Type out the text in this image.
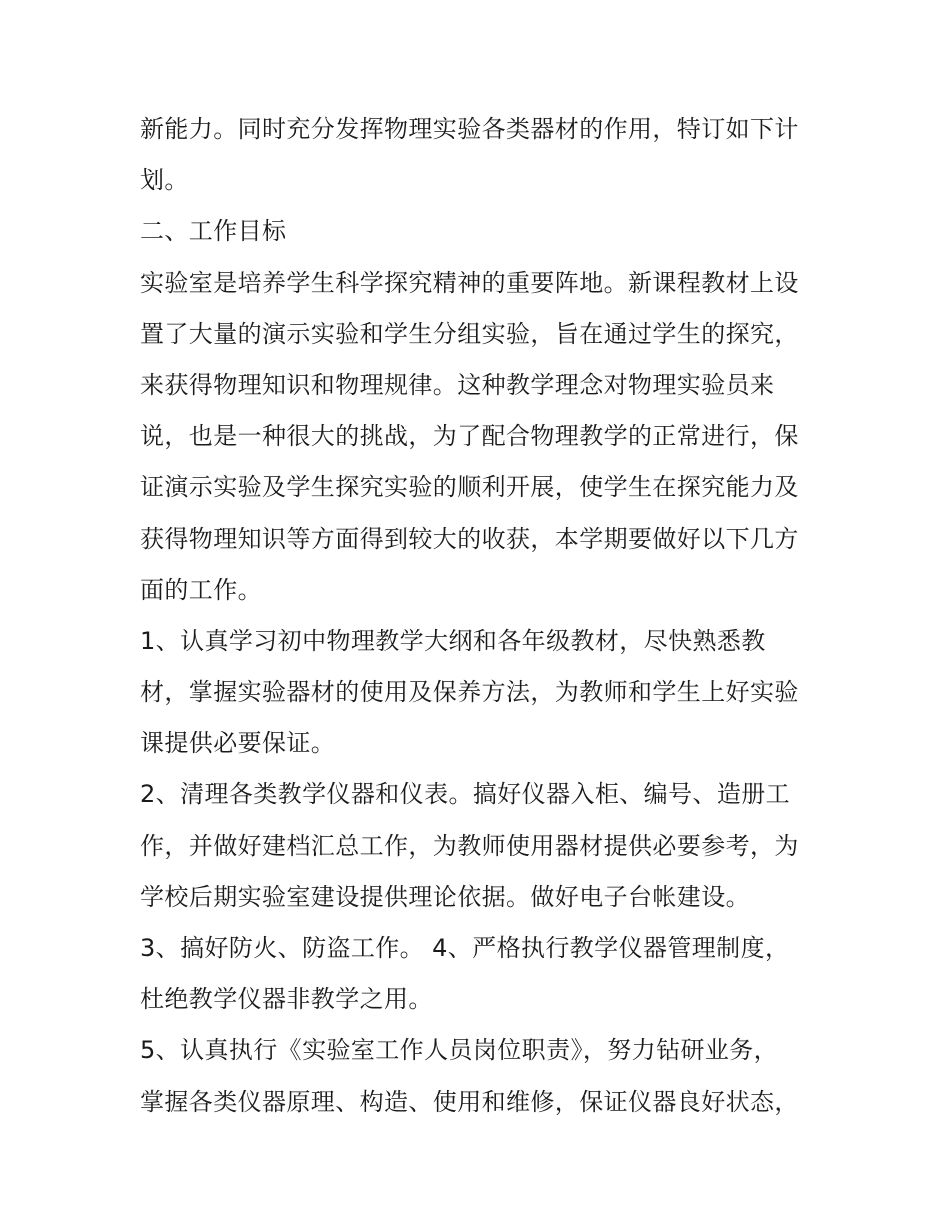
新能力。同时充分发挥物理实验各类器材的作用，特订如下计
划。
二、工作目标
实验室是培养学生科学探究精神的重要阵地。新课程教材上设
置了大量的演示实验和学生分组实验，旨在通过学生的探究，
来获得物理知识和物理规律。这种教学理念对物理实验员来
说，也是一种很大的挑战，为了配合物理教学的正常进行，保
证演示实验及学生探究实验的顺利开展，使学生在探究能力及
获得物理知识等方面得到较大的收获，本学期要做好以下几方
面的工作。
1、认真学习初中物理教学大纲和各年级教材，尽快熟悉教
材，掌握实验器材的使用及保养方法，为教师和学生上好实验
课提供必要保证。
2、清理各类教学仪器和仪表。搞好仪器入柜、编号、造册工
作，并做好建档汇总工作，为教师使用器材提供必要参考，为
学校后期实验室建设提供理论依据。做好电子台帐建设。
3、搞好防火、防盗工作。 4、严格执行教学仪器管理制度，
杜绝教学仪器非教学之用。
5、认真执行《实验室工作人员岗位职责》，努力钻研业务，
掌握各类仪器原理、构造、使用和维修，保证仪器良好状态，
